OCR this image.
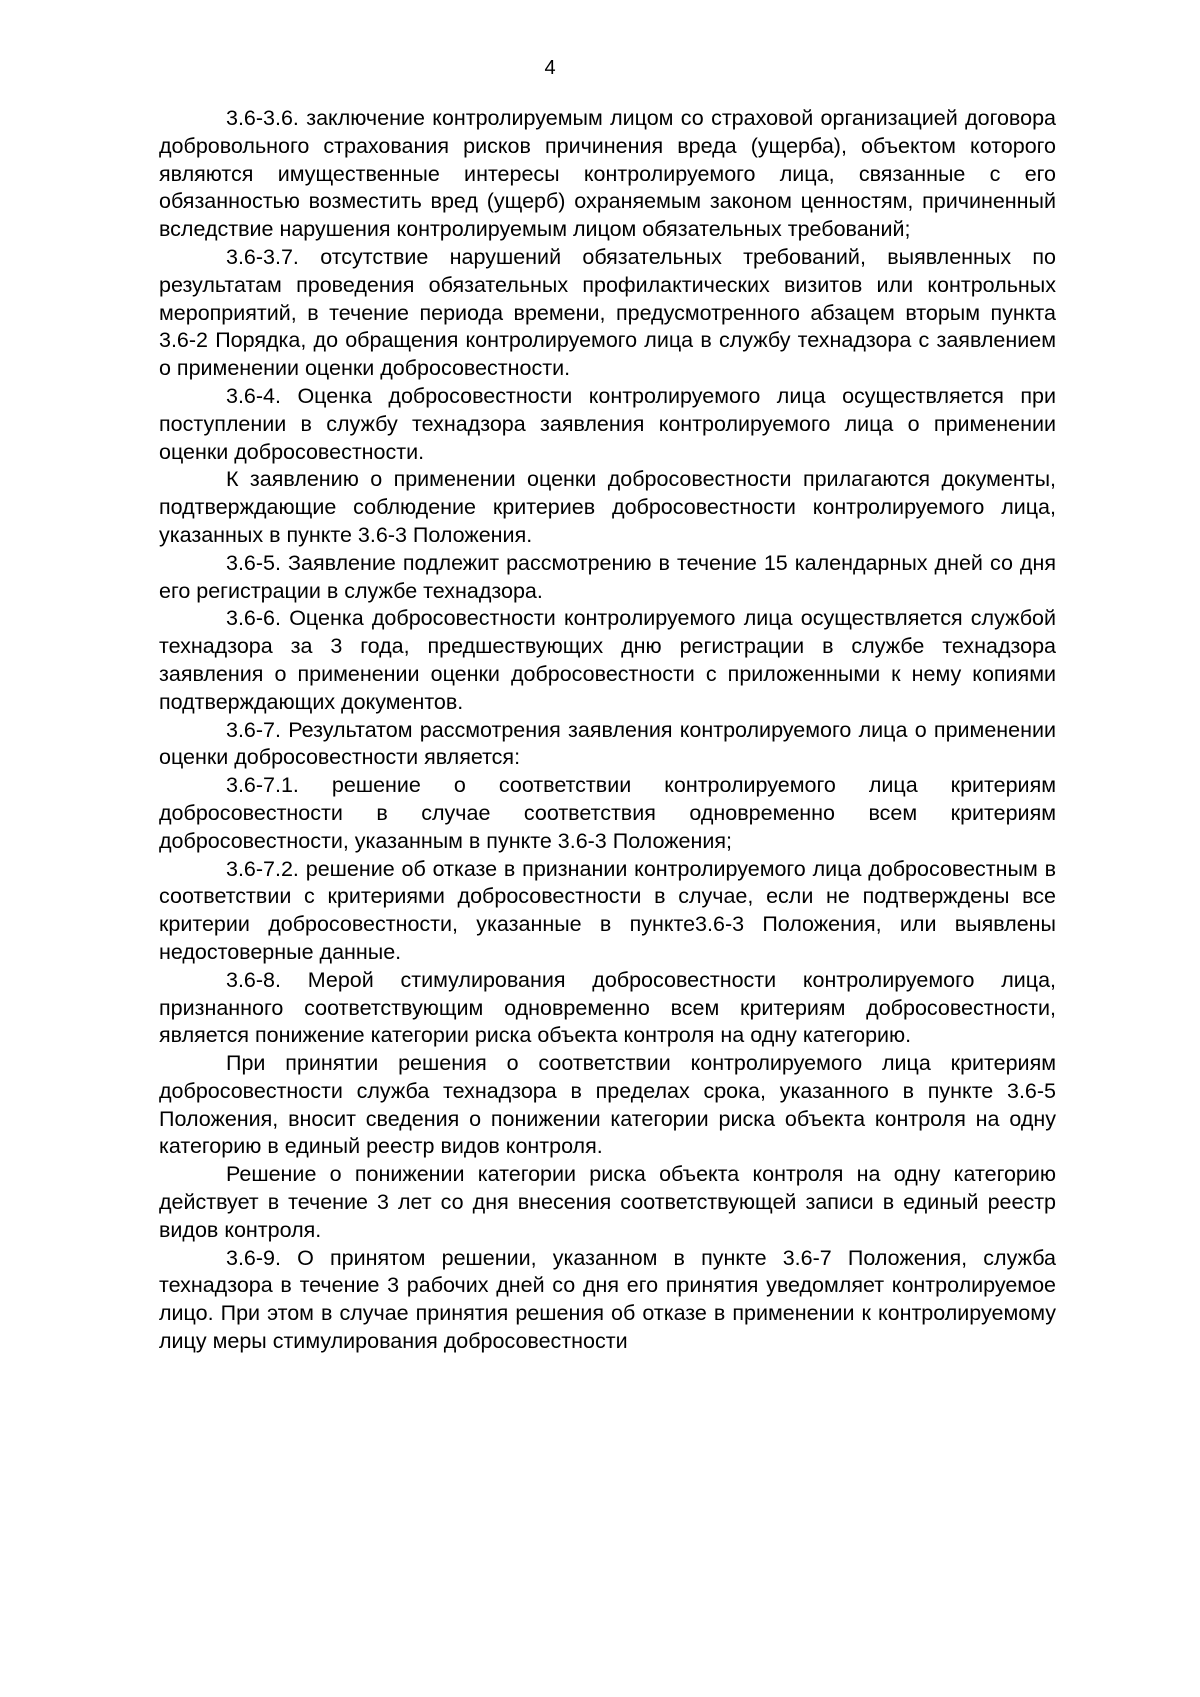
4

3.6-3.6. заключение контролируемым лицом со страховой организацией договора добровольного страхования рисков причинения вреда (ущерба), объектом которого являются имущественные интересы контролируемого лица, связанные с его обязанностью возместить вред (ущерб) охраняемым законом ценностям, причиненный вследствие нарушения контролируемым лицом обязательных требований;

3.6-3.7. отсутствие нарушений обязательных требований, выявленных по результатам проведения обязательных профилактических визитов или контрольных мероприятий, в течение периода времени, предусмотренного абзацем вторым пункта 3.6-2 Порядка, до обращения контролируемого лица в службу технадзора с заявлением о применении оценки добросовестности.

3.6-4. Оценка добросовестности контролируемого лица осуществляется при поступлении в службу технадзора заявления контролируемого лица о применении оценки добросовестности.

К заявлению о применении оценки добросовестности прилагаются документы, подтверждающие соблюдение критериев добросовестности контролируемого лица, указанных в пункте 3.6-3 Положения.

3.6-5. Заявление подлежит рассмотрению в течение 15 календарных дней со дня его регистрации в службе технадзора.

3.6-6. Оценка добросовестности контролируемого лица осуществляется службой технадзора за 3 года, предшествующих дню регистрации в службе технадзора заявления о применении оценки добросовестности с приложенными к нему копиями подтверждающих документов.

3.6-7. Результатом рассмотрения заявления контролируемого лица о применении оценки добросовестности является:

3.6-7.1. решение о соответствии контролируемого лица критериям добросовестности в случае соответствия одновременно всем критериям добросовестности, указанным в пункте 3.6-3 Положения;

3.6-7.2. решение об отказе в признании контролируемого лица добросовестным в соответствии с критериями добросовестности в случае, если не подтверждены все критерии добросовестности, указанные в пункте3.6-3 Положения, или выявлены недостоверные данные.

3.6-8. Мерой стимулирования добросовестности контролируемого лица, признанного соответствующим одновременно всем критериям добросовестности, является понижение категории риска объекта контроля на одну категорию.

При принятии решения о соответствии контролируемого лица критериям добросовестности служба технадзора в пределах срока, указанного в пункте 3.6-5 Положения, вносит сведения о понижении категории риска объекта контроля на одну категорию в единый реестр видов контроля.

Решение о понижении категории риска объекта контроля на одну категорию действует в течение 3 лет со дня внесения соответствующей записи в единый реестр видов контроля.

3.6-9. О принятом решении, указанном в пункте 3.6-7 Положения, служба технадзора в течение 3 рабочих дней со дня его принятия уведомляет контролируемое лицо. При этом в случае принятия решения об отказе в применении к контролируемому лицу меры стимулирования добросовестности
